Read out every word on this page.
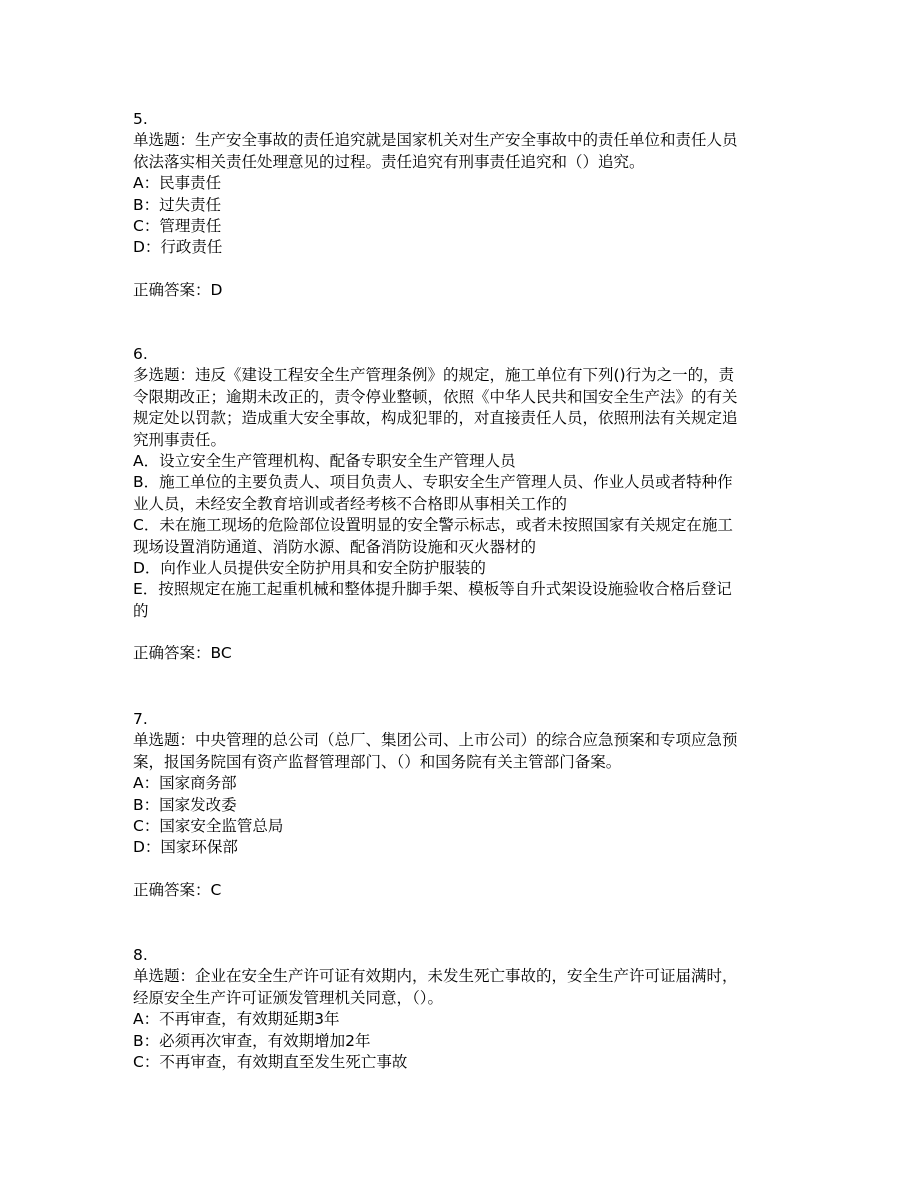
5.
单选题：生产安全事故的责任追究就是国家机关对生产安全事故中的责任单位和责任人员
依法落实相关责任处理意见的过程。责任追究有刑事责任追究和（）追究。
A：民事责任
B：过失责任
C：管理责任
D：行政责任
正确答案：D
6.
多选题：违反《建设工程安全生产管理条例》的规定，施工单位有下列()行为之一的，责
令限期改正；逾期未改正的，责令停业整顿，依照《中华人民共和国安全生产法》的有关
规定处以罚款；造成重大安全事故，构成犯罪的，对直接责任人员，依照刑法有关规定追
究刑事责任。
A．设立安全生产管理机构、配备专职安全生产管理人员
B．施工单位的主要负责人、项目负责人、专职安全生产管理人员、作业人员或者特种作
业人员，未经安全教育培训或者经考核不合格即从事相关工作的
C．未在施工现场的危险部位设置明显的安全警示标志，或者未按照国家有关规定在施工
现场设置消防通道、消防水源、配备消防设施和灭火器材的
D．向作业人员提供安全防护用具和安全防护服装的
E．按照规定在施工起重机械和整体提升脚手架、模板等自升式架设设施验收合格后登记
的
正确答案：BC
7.
单选题：中央管理的总公司（总厂、集团公司、上市公司）的综合应急预案和专项应急预
案，报国务院国有资产监督管理部门、（）和国务院有关主管部门备案。
A：国家商务部
B：国家发改委
C：国家安全监管总局
D：国家环保部
正确答案：C
8.
单选题：企业在安全生产许可证有效期内，未发生死亡事故的，安全生产许可证届满时，
经原安全生产许可证颁发管理机关同意，（）。
A：不再审查，有效期延期3年
B：必须再次审查，有效期增加2年
C：不再审查，有效期直至发生死亡事故
